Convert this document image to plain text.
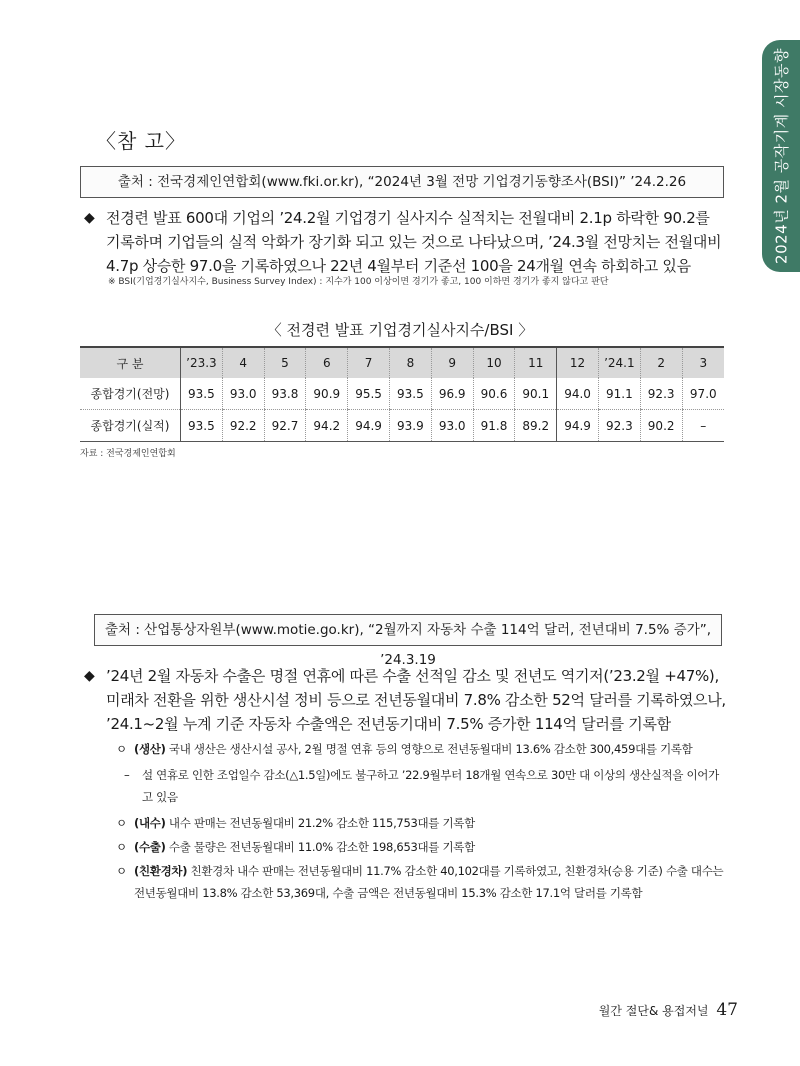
2024년 2월 공작기계 시장동향
〈참 고〉
출처 : 전국경제인연합회(www.fki.or.kr), “2024년 3월 전망 기업경기동향조사(BSI)” ’24.2.26
◆ 전경련 발표 600대 기업의 ’24.2월 기업경기 실사지수 실적치는 전월대비 2.1p 하락한 90.2를 기록하며 기업들의 실적 악화가 장기화 되고 있는 것으로 나타났으며, ’24.3월 전망치는 전월대비 4.7p 상승한 97.0을 기록하였으나 22년 4월부터 기준선 100을 24개월 연속 하회하고 있음
※ BSI(기업경기실사지수, Business Survey Index) : 지수가 100 이상이면 경기가 좋고, 100 이하면 경기가 좋지 않다고 판단
〈 전경련 발표 기업경기실사지수/BSI 〉
구 분	’23.3	4	5	6	7	8	9	10	11	12	’24.1	2	3
종합경기(전망)	93.5	93.0	93.8	90.9	95.5	93.5	96.9	90.6	90.1	94.0	91.1	92.3	97.0
종합경기(실적)	93.5	92.2	92.7	94.2	94.9	93.9	93.0	91.8	89.2	94.9	92.3	90.2	–
자료 : 전국경제인연합회
출처 : 산업통상자원부(www.motie.go.kr), “2월까지 자동차 수출 114억 달러, 전년대비 7.5% 증가”, ’24.3.19
◆ ’24년 2월 자동차 수출은 명절 연휴에 따른 수출 선적일 감소 및 전년도 역기저(’23.2월 +47%), 미래차 전환을 위한 생산시설 정비 등으로 전년동월대비 7.8% 감소한 52억 달러를 기록하였으나, ’24.1~2월 누계 기준 자동차 수출액은 전년동기대비 7.5% 증가한 114억 달러를 기록함
ㅇ (생산) 국내 생산은 생산시설 공사, 2월 명절 연휴 등의 영향으로 전년동월대비 13.6% 감소한 300,459대를 기록함
–	설 연휴로 인한 조업일수 감소(△1.5일)에도 불구하고 ’22.9월부터 18개월 연속으로 30만 대 이상의 생산실적을 이어가고 있음
ㅇ (내수) 내수 판매는 전년동월대비 21.2% 감소한 115,753대를 기록함
ㅇ (수출) 수출 물량은 전년동월대비 11.0% 감소한 198,653대를 기록함
ㅇ (친환경차) 친환경차 내수 판매는 전년동월대비 11.7% 감소한 40,102대를 기록하였고, 친환경차(승용 기준) 수출 대수는 전년동월대비 13.8% 감소한 53,369대, 수출 금액은 전년동월대비 15.3% 감소한 17.1억 달러를 기록함
월간 절단& 용접저널 47
